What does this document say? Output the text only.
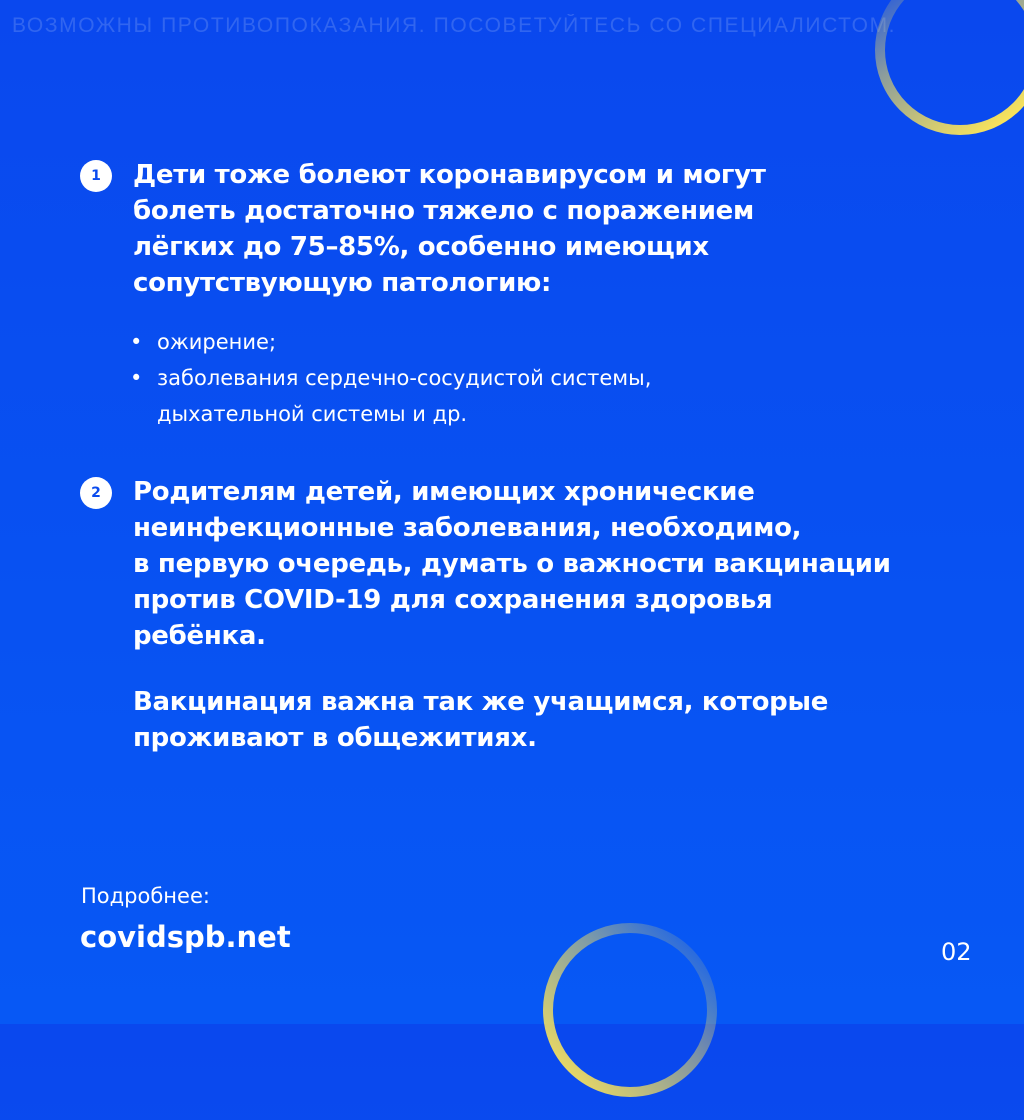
ВОЗМОЖНЫ ПРОТИВОПОКАЗАНИЯ. ПОСОВЕТУЙТЕСЬ СО СПЕЦИАЛИСТОМ.
1	Дети тоже болеют коронавирусом и могут
болеть достаточно тяжело с поражением
лёгких до 75–85%, особенно имеющих
сопутствующую патологию:
• ожирение;
• заболевания сердечно-сосудистой системы,
дыхательной системы и др.
2	Родителям детей, имеющих хронические
неинфекционные заболевания, необходимо,
в первую очередь, думать о важности вакцинации
против COVID-19 для сохранения здоровья
ребёнка.
Вакцинация важна так же учащимся, которые
проживают в общежитиях.
Подробнее:
covidspb.net	02
